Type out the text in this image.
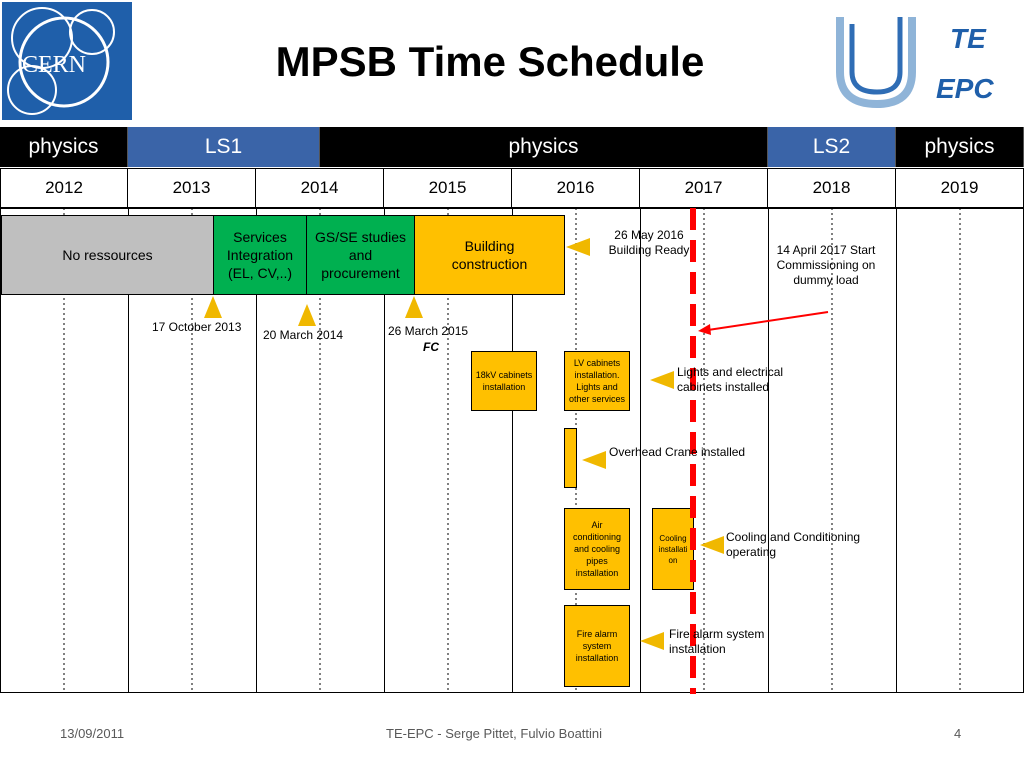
CERN
TE
EPC
MPSB Time Schedule
physics	LS1	physics	LS2	physics
2012	2013	2014	2015	2016	2017	2018	2019
No ressources
Services Integration (EL, CV,..)
GS/SE studies and procurement
Building construction
18kV cabinets installation
LV cabinets installation. Lights and other services
Air conditioning and cooling pipes installation
Cooling installati on
Fire alarm system installation
17 October 2013
20 March 2014	26 March 2015
FC
26 May 2016 Building Ready	14 April 2017 Start Commissioning on dummy load
Lights and electrical cabinets installed
Overhead Crane installed
Cooling and Conditioning operating
Fire alarm system installation
13/09/2011	TE-EPC - Serge Pittet, Fulvio Boattini	4
